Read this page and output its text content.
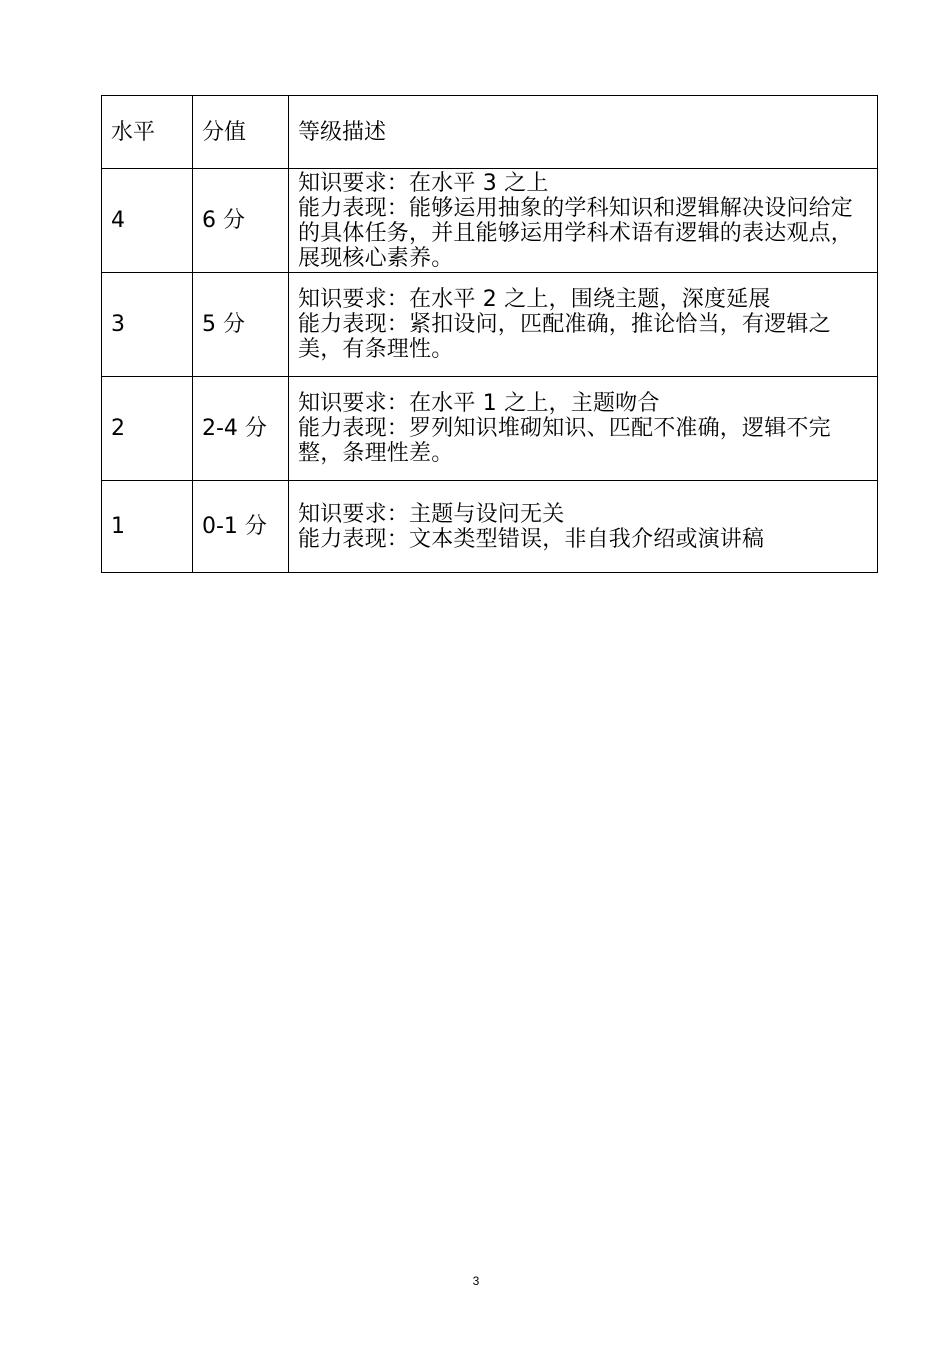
水平	分值	等级描述
4	6 分	知识要求：在水平 3 之上
能力表现：能够运用抽象的学科知识和逻辑解决设问给定的具体任务，并且能够运用学科术语有逻辑的表达观点，展现核心素养。

3	5 分	知识要求：在水平 2 之上，围绕主题，深度延展
能力表现：紧扣设问，匹配准确，推论恰当，有逻辑之美，有条理性。

2	2-4 分	知识要求：在水平 1 之上，主题吻合
能力表现：罗列知识堆砌知识、匹配不准确，逻辑不完整，条理性差。

1	0-1 分	知识要求：主题与设问无关
能力表现：文本类型错误，非自我介绍或演讲稿
3
